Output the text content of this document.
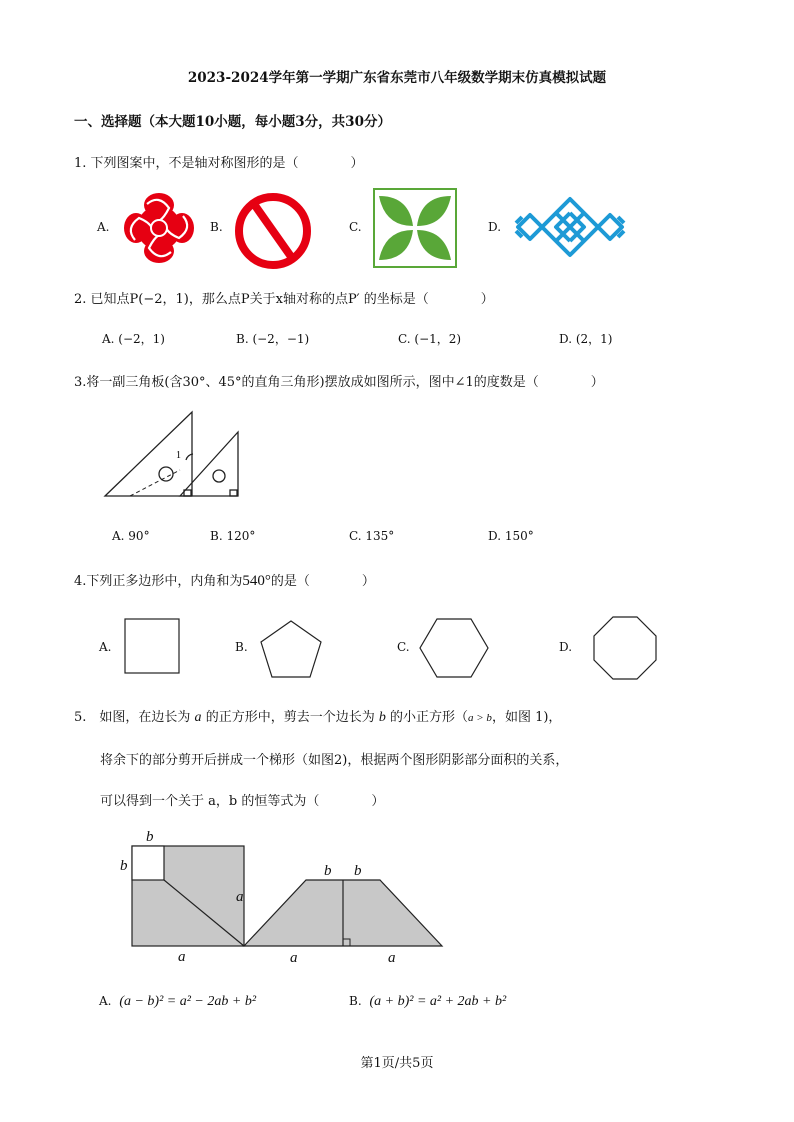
2023-2024学年第一学期广东省东莞市八年级数学期末仿真模拟试题
一、选择题（本大题10小题，每小题3分，共30分）
1. 下列图案中，不是轴对称图形的是（　　　　）
A.	B.	C.	D.
2. 已知点P(−2，1)，那么点P关于x轴对称的点P′ 的坐标是（　　　　）
A. (−2，1)	B. (−2，−1)	C. (−1，2)	D. (2，1)
3.将一副三角板(含30°、45°的直角三角形)摆放成如图所示，图中∠1的度数是（　　　　）
1
A. 90°	B. 120°	C. 135°	D. 150°
4.下列正多边形中，内角和为540°的是（　　　　）
A.	B.	C.	D.
5.　如图，在边长为 a 的正方形中，剪去一个边长为 b 的小正方形（a > b，如图 1)，
将余下的部分剪开后拼成一个梯形（如图2)，根据两个图形阴影部分面积的关系，
可以得到一个关于 a，b 的恒等式为（　　　　）
b
b
a
a
b b
a	a
A. (a − b)² = a² − 2ab + b²	B. (a + b)² = a² + 2ab + b²
第1页/共5页
